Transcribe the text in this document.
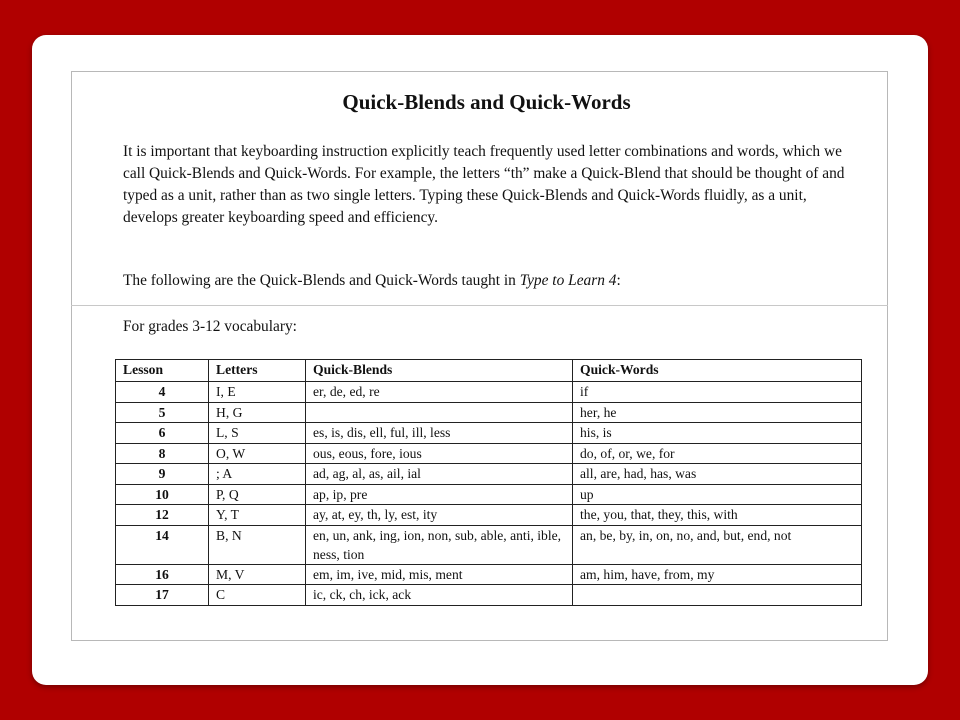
Quick-Blends and Quick-Words

It is important that keyboarding instruction explicitly teach frequently used letter combinations and words, which we call Quick-Blends and Quick-Words. For example, the letters “th” make a Quick-Blend that should be thought of and typed as a unit, rather than as two single letters. Typing these Quick-Blends and Quick-Words fluidly, as a unit, develops greater keyboarding speed and efficiency.

The following are the Quick-Blends and Quick-Words taught in Type to Learn 4:

For grades 3-12 vocabulary:

Lesson	Letters	Quick-Blends	Quick-Words
4	I, E	er, de, ed, re	if
5	H, G		her, he
6	L, S	es, is, dis, ell, ful, ill, less	his, is
8	O, W	ous, eous, fore, ious	do, of, or, we, for
9	; A	ad, ag, al, as, ail, ial	all, are, had, has, was
10	P, Q	ap, ip, pre	up
12	Y, T	ay, at, ey, th, ly, est, ity	the, you, that, they, this, with
14	B, N	en, un, ank, ing, ion, non, sub, able, anti, ible, ness, tion	an, be, by, in, on, no, and, but, end, not
16	M, V	em, im, ive, mid, mis, ment	am, him, have, from, my
17	C	ic, ck, ch, ick, ack	
